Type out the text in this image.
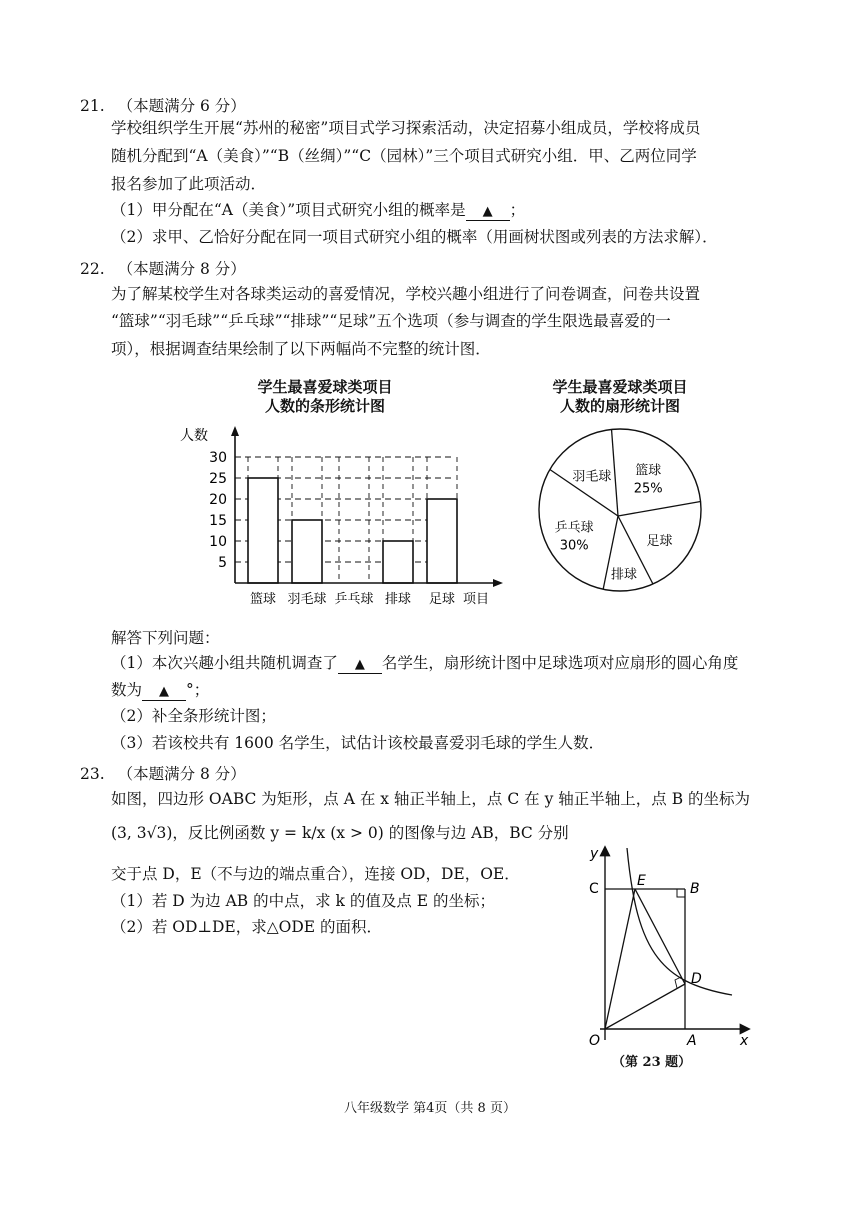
21. （本题满分 6 分）
学校组织学生开展“苏州的秘密”项目式学习探索活动，决定招募小组成员，学校将成员
随机分配到“A（美食）”“B（丝绸）”“C（园林）”三个项目式研究小组．甲、乙两位同学
报名参加了此项活动．
（1）甲分配在“A（美食）”项目式研究小组的概率是 ▲ ；
（2）求甲、乙恰好分配在同一项目式研究小组的概率（用画树状图或列表的方法求解）．
22. （本题满分 8 分）
为了解某校学生对各球类运动的喜爱情况，学校兴趣小组进行了问卷调查，问卷共设置
“篮球”“羽毛球”“乒乓球”“排球”“足球”五个选项（参与调查的学生限选最喜爱的一
项），根据调查结果绘制了以下两幅尚不完整的统计图．
学生最喜爱球类项目
人数的条形统计图
学生最喜爱球类项目
人数的扇形统计图
5
10
15
20
25
30
篮球 羽毛球 乒乓球 排球 足球
人数
项目
篮球
25%
足球
排球
乒乓球
30%
羽毛球
解答下列问题：
（1）本次兴趣小组共随机调查了 ▲ 名学生，扇形统计图中足球选项对应扇形的圆心角度
数为 ▲ °；
（2）补全条形统计图；
（3）若该校共有 1600 名学生，试估计该校最喜爱羽毛球的学生人数．
23. （本题满分 8 分）
如图，四边形 OABC 为矩形，点 A 在 x 轴正半轴上，点 C 在 y 轴正半轴上，点 B 的坐标为
(3, 3√3)，反比例函数 y = k/x (x > 0) 的图像与边 AB，BC 分别
交于点 D，E（不与边的端点重合），连接 OD，DE，OE．
（1）若 D 为边 AB 的中点，求 k 的值及点 E 的坐标；
（2）若 OD⊥DE，求△ODE 的面积．
y
C	E	B
D
O	A	x
（第 23 题）
八年级数学 第4页（共 8 页）
